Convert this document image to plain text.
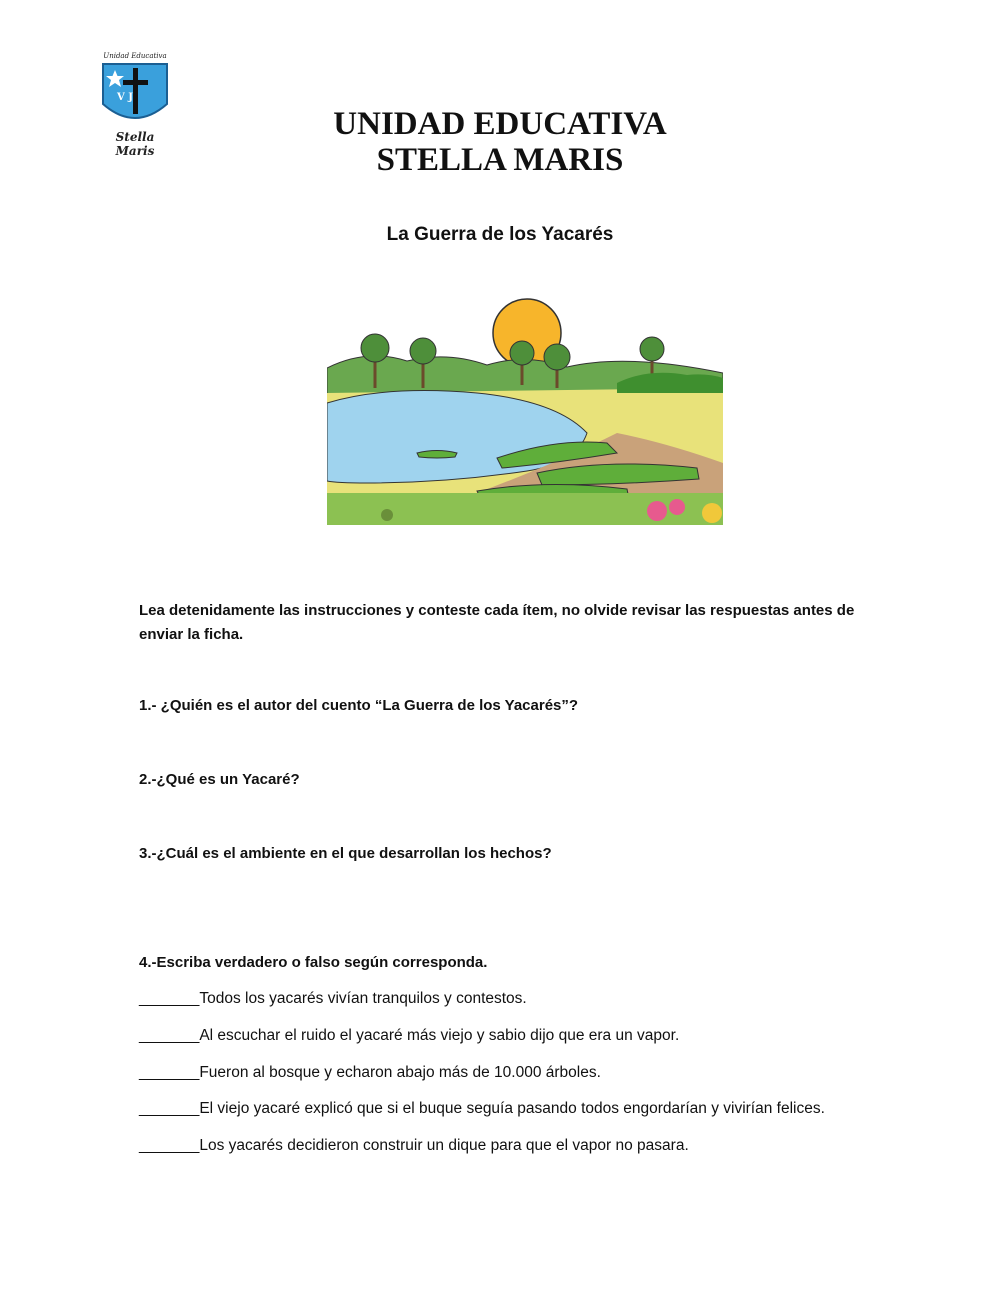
Unidad Educativa
V J
Stella Maris
UNIDAD EDUCATIVA
STELLA MARIS
La Guerra de los Yacarés
Lea detenidamente las instrucciones y conteste cada ítem, no olvide revisar las respuestas antes de enviar la ficha.
1.- ¿Quién es el autor del cuento “La Guerra de los Yacarés”?
2.-¿Qué es un Yacaré?
3.-¿Cuál es el ambiente en el que desarrollan los hechos?
4.-Escriba verdadero o falso según corresponda.
_______Todos los yacarés vivían tranquilos y contestos.
_______Al escuchar el ruido el yacaré más viejo y sabio dijo que era un vapor.
_______Fueron al bosque y echaron abajo más de 10.000 árboles.
_______El viejo yacaré explicó que si el buque seguía pasando todos engordarían y vivirían felices.
_______Los yacarés decidieron construir un dique para que el vapor no pasara.
